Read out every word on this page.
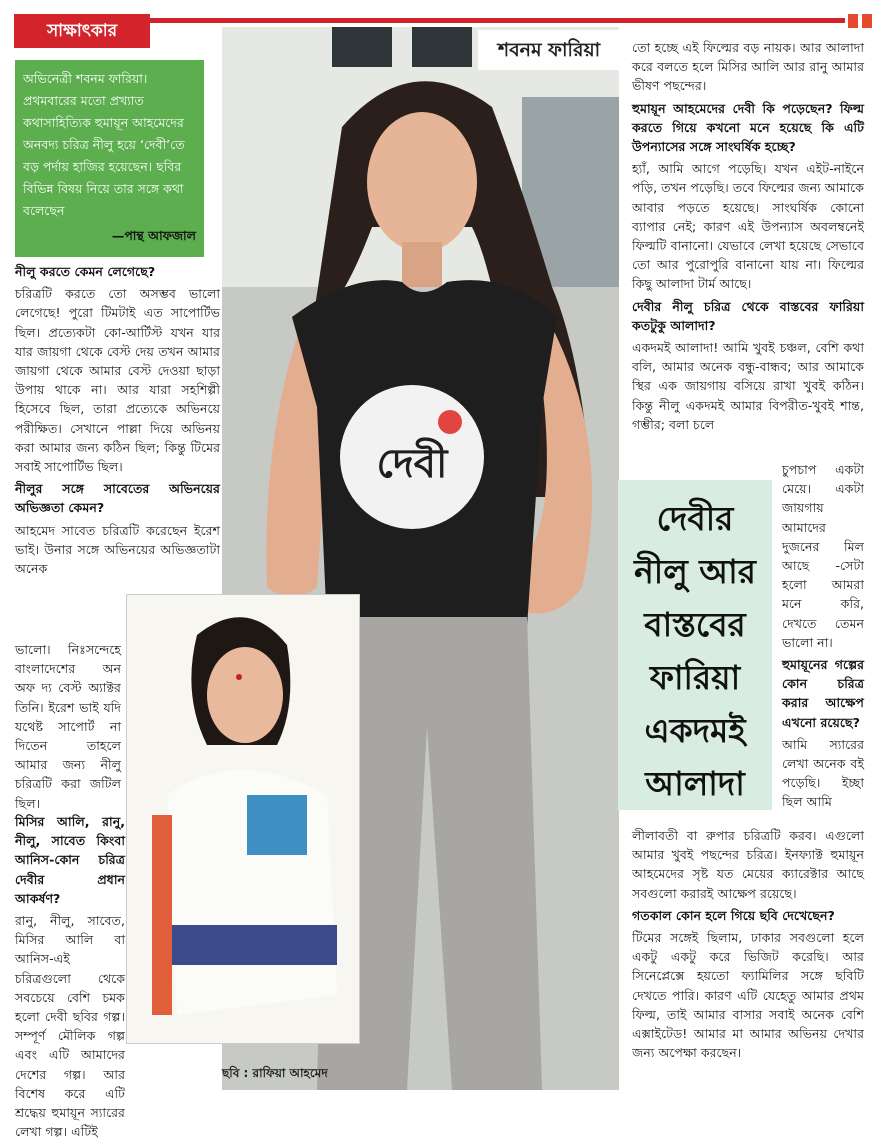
সাক্ষাৎকার
অভিনেত্রী শবনম ফারিয়া। প্রথমবারের মতো প্রখ্যাত কথাসাহিত্যিক হুমায়ূন আহমেদের অনবদ্য চরিত্র নীলু হয়ে ‘দেবী’তে বড় পর্দায় হাজির হয়েছেন। ছবির বিভিন্ন বিষয় নিয়ে তার সঙ্গে কথা বলেছেন
—পান্থ আফজাল

নীলু করতে কেমন লেগেছে?

চরিত্রটি করতে তো অসম্ভব ভালো লেগেছে! পুরো টিমটাই এত সাপোর্টিভ ছিল। প্রত্যেকটা কো-আর্টিস্ট যখন যার যার জায়গা থেকে বেস্ট দেয় তখন আমার জায়গা থেকে আমার বেস্ট দেওয়া ছাড়া উপায় থাকে না। আর যারা সহশিল্পী হিসেবে ছিল, তারা প্রত্যেকে অভিনয়ে পরীক্ষিত। সেখানে পাল্লা দিয়ে অভিনয় করা আমার জন্য কঠিন ছিল; কিন্তু টিমের সবাই সাপোর্টিভ ছিল।

নীলুর সঙ্গে সাবেতের অভিনয়ের অভিজ্ঞতা কেমন?

আহমেদ সাবেত চরিত্রটি করেছেন ইরেশ ভাই। উনার সঙ্গে অভিনয়ের অভিজ্ঞতাটা অনেক

ভালো। নিঃসন্দেহে বাংলাদেশের অন অফ দ্য বেস্ট অ্যাক্টর তিনি। ইরেশ ভাই যদি যথেষ্ট সাপোর্ট না দিতেন তাহলে আমার জন্য নীলু চরিত্রটি করা জটিল ছিল।

মিসির আলি, রানু, নীলু, সাবেত কিংবা আনিস-কোন চরিত্র দেবীর প্রধান আকর্ষণ?

রানু, নীলু, সাবেত, মিসির আলি বা আনিস-এই চরিত্রগুলো থেকে সবচেয়ে বেশি চমক হলো দেবী ছবির গল্প। সম্পূর্ণ মৌলিক গল্প এবং এটি আমাদের দেশের গল্প। আর বিশেষ করে এটি শ্রদ্ধেয় হুমায়ূন স্যারের লেখা গল্প। এটিই

দেবী
শবনম ফারিয়া
ছবি : রাফিয়া আহমেদ

তো হচ্ছে এই ফিল্মের বড় নায়ক। আর আলাদা করে বলতে হলে মিসির আলি আর রানু আমার ভীষণ পছন্দের।

হুমায়ূন আহমেদের দেবী কি পড়েছেন? ফিল্ম করতে গিয়ে কখনো মনে হয়েছে কি এটি উপন্যাসের সঙ্গে সাংঘর্ষিক হচ্ছে?

হ্যাঁ, আমি আগে পড়েছি। যখন এইট-নাইনে পড়ি, তখন পড়েছি। তবে ফিল্মের জন্য আমাকে আবার পড়তে হয়েছে। সাংঘর্ষিক কোনো ব্যাপার নেই; কারণ এই উপন্যাস অবলম্বনেই ফিল্মটি বানানো। যেভাবে লেখা হয়েছে সেভাবে তো আর পুরোপুরি বানানো যায় না। ফিল্মের কিছু আলাদা টার্ম আছে।

দেবীর নীলু চরিত্র থেকে বাস্তবের ফারিয়া কতটুকু আলাদা?

একদমই আলাদা! আমি খুবই চঞ্চল, বেশি কথা বলি, আমার অনেক বন্ধু-বান্ধব; আর আমাকে স্থির এক জায়গায় বসিয়ে রাখা খুবই কঠিন। কিন্তু নীলু একদমই আমার বিপরীত-খুবই শান্ত, গম্ভীর; বলা চলে

দেবীর
নীলু আর
বাস্তবের
ফারিয়া
একদমই
আলাদা

চুপচাপ একটা মেয়ে। একটা জায়গায় আমাদের দুজনের মিল আছে -সেটা হলো আমরা মনে করি, দেখতে তেমন ভালো না।

হুমায়ূনের গল্পের কোন চরিত্র করার আক্ষেপ এখনো রয়েছে?

আমি স্যারের লেখা অনেক বই পড়েছি। ইচ্ছা ছিল আমি

লীলাবতী বা রুপার চরিত্রটি করব। এগুলো আমার খুবই পছন্দের চরিত্র। ইনফ্যাক্ট হুমায়ূন আহমেদের সৃষ্ট যত মেয়ের ক্যারেক্টার আছে সবগুলো করারই আক্ষেপ রয়েছে।

গতকাল কোন হলে গিয়ে ছবি দেখেছেন?

টিমের সঙ্গেই ছিলাম, ঢাকার সবগুলো হলে একটু একটু করে ভিজিট করেছি। আর সিনেপ্লেক্সে হয়তো ফ্যামিলির সঙ্গে ছবিটি দেখতে পারি। কারণ এটি যেহেতু আমার প্রথম ফিল্ম, তাই আমার বাসার সবাই অনেক বেশি এক্সাইটেড! আমার মা আমার অভিনয় দেখার জন্য অপেক্ষা করছেন।
